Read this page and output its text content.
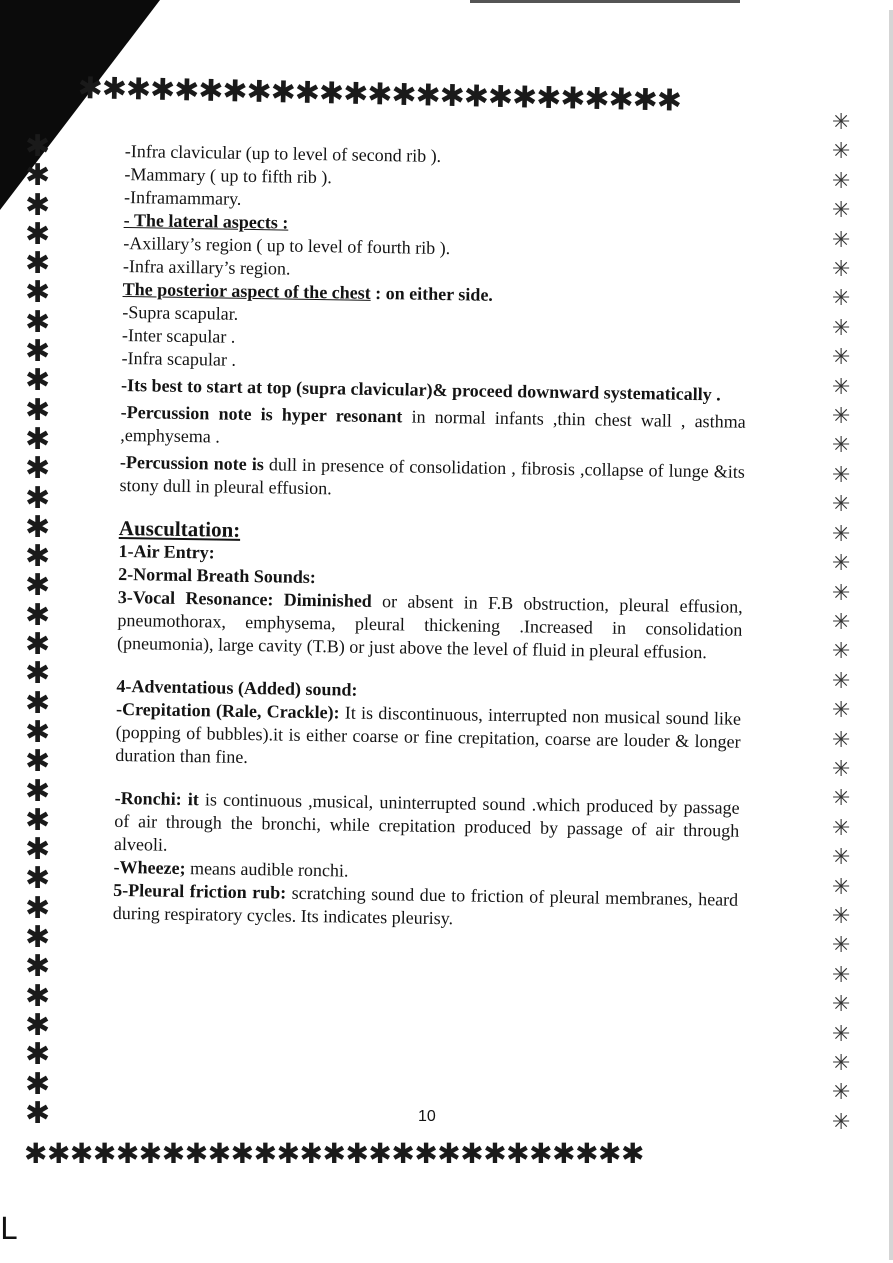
L
✱✱✱✱✱✱✱✱✱✱✱✱✱✱✱✱✱✱✱✱✱✱✱✱✱
✱ ✱ ✱ ✱ ✱ ✱ ✱ ✱ ✱ ✱ ✱ ✱ ✱ ✱ ✱ ✱ ✱ ✱ ✱ ✱ ✱ ✱ ✱ ✱ ✱ ✱ ✱ ✱ ✱ ✱ ✱ ✱ ✱ ✱
✳ ✳ ✳ ✳ ✳ ✳ ✳ ✳ ✳ ✳ ✳ ✳ ✳ ✳ ✳ ✳ ✳ ✳ ✳ ✳ ✳ ✳ ✳ ✳ ✳ ✳ ✳ ✳ ✳ ✳ ✳ ✳ ✳ ✳ ✳
✱✱✱✱✱✱✱✱✱✱✱✱✱✱✱✱✱✱✱✱✱✱✱✱✱✱✱

-Infra clavicular (up to level of second rib ).

-Mammary ( up to fifth rib ).

-Inframammary.

- The lateral aspects :

-Axillary’s region ( up to level of fourth rib ).

-Infra axillary’s region.

The posterior aspect of the chest : on either side.

-Supra scapular.

-Inter scapular .

-Infra scapular .

-Its best to start at top (supra clavicular)& proceed downward systematically .

-Percussion note is hyper resonant in normal infants ,thin chest wall , asthma ,emphysema .

-Percussion note is dull in presence of consolidation , fibrosis ,collapse of lunge &its stony dull in pleural effusion.

Auscultation:

1-Air Entry:

2-Normal Breath Sounds:

3-Vocal Resonance: Diminished or absent in F.B obstruction, pleural effusion, pneumothorax, emphysema, pleural thickening .Increased in consolidation (pneumonia), large cavity (T.B) or just above the level of fluid in pleural effusion.

4-Adventatious (Added) sound:

-Crepitation (Rale, Crackle): It is discontinuous, interrupted non musical sound like (popping of bubbles).it is either coarse or fine crepitation, coarse are louder & longer duration than fine.

-Ronchi: it is continuous ,musical, uninterrupted sound .which produced by passage of air through the bronchi, while crepitation produced by passage of air through alveoli.

-Wheeze; means audible ronchi.

5-Pleural friction rub: scratching sound due to friction of pleural membranes, heard during respiratory cycles. Its indicates pleurisy.

10
